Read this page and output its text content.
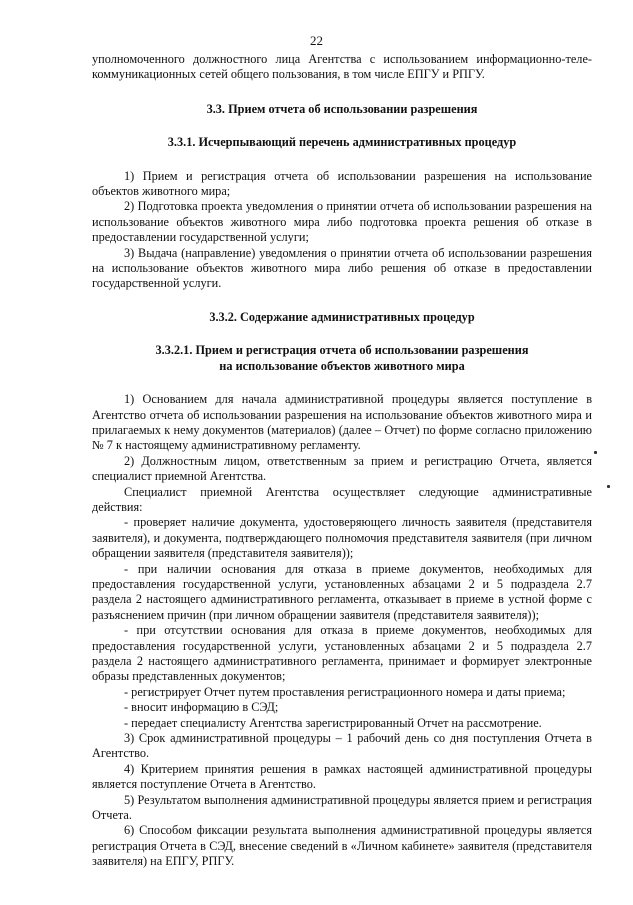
22

уполномоченного должностного лица Агентства с использованием информационно-теле-коммуникационных сетей общего пользования, в том числе ЕПГУ и РПГУ.

3.3. Прием отчета об использовании разрешения

3.3.1. Исчерпывающий перечень административных процедур

1) Прием и регистрация отчета об использовании разрешения на использование объектов животного мира;

2) Подготовка проекта уведомления о принятии отчета об использовании разрешения на использование объектов животного мира либо подготовка проекта решения об отказе в предоставлении государственной услуги;

3) Выдача (направление) уведомления о принятии отчета об использовании разрешения на использование объектов животного мира либо решения об отказе в предоставлении государственной услуги.

3.3.2. Содержание административных процедур

3.3.2.1. Прием и регистрация отчета об использовании разрешения
на использование объектов животного мира

1) Основанием для начала административной процедуры является поступление в Агентство отчета об использовании разрешения на использование объектов животного мира и прилагаемых к нему документов (материалов) (далее – Отчет) по форме согласно приложению № 7 к настоящему административному регламенту.

2) Должностным лицом, ответственным за прием и регистрацию Отчета, является специалист приемной Агентства.

Специалист приемной Агентства осуществляет следующие административные действия:

- проверяет наличие документа, удостоверяющего личность заявителя (представителя заявителя), и документа, подтверждающего полномочия представителя заявителя (при личном обращении заявителя (представителя заявителя));

- при наличии основания для отказа в приеме документов, необходимых для предоставления государственной услуги, установленных абзацами 2 и 5 подраздела 2.7 раздела 2 настоящего административного регламента, отказывает в приеме в устной форме с разъяснением причин (при личном обращении заявителя (представителя заявителя));

- при отсутствии основания для отказа в приеме документов, необходимых для предоставления государственной услуги, установленных абзацами 2 и 5 подраздела 2.7 раздела 2 настоящего административного регламента, принимает и формирует электронные образы представленных документов;

- регистрирует Отчет путем проставления регистрационного номера и даты приема;

- вносит информацию в СЭД;

- передает специалисту Агентства зарегистрированный Отчет на рассмотрение.

3) Срок административной процедуры – 1 рабочий день со дня поступления Отчета в Агентство.

4) Критерием принятия решения в рамках настоящей административной процедуры является поступление Отчета в Агентство.

5) Результатом выполнения административной процедуры является прием и регистрация Отчета.

6) Способом фиксации результата выполнения административной процедуры является регистрация Отчета в СЭД, внесение сведений в «Личном кабинете» заявителя (представителя заявителя) на ЕПГУ, РПГУ.
